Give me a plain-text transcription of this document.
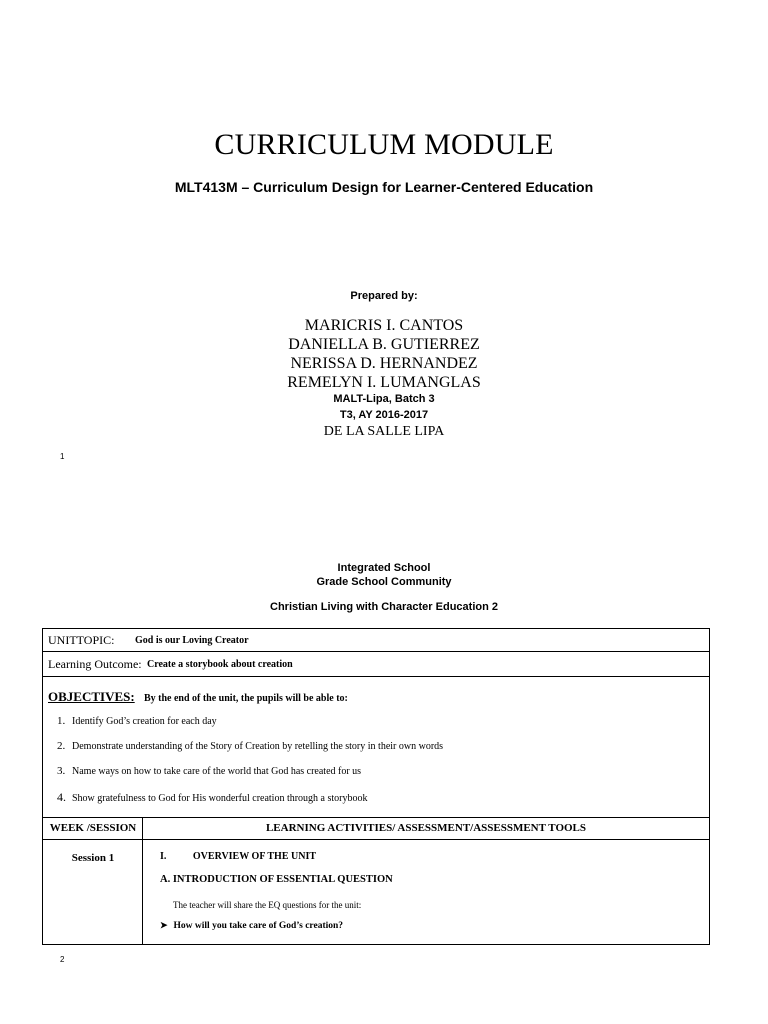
CURRICULUM MODULE
MLT413M – Curriculum Design for Learner-Centered Education
Prepared by:
MARICRIS I. CANTOS
DANIELLA B. GUTIERREZ
NERISSA D. HERNANDEZ
REMELYN I. LUMANGLAS
MALT-Lipa, Batch 3
T3, AY 2016-2017
DE LA SALLE LIPA
1
Integrated School
Grade School Community
Christian Living with Character Education 2
UNITTOPIC: God is our Loving Creator
Learning Outcome: Create a storybook about creation
OBJECTIVES: By the end of the unit, the pupils will be able to:
1. Identify God’s creation for each day
2. Demonstrate understanding of the Story of Creation by retelling the story in their own words
3. Name ways on how to take care of the world that God has created for us
4. Show gratefulness to God for His wonderful creation through a storybook
WEEK /SESSION	LEARNING ACTIVITIES/ ASSESSMENT/ASSESSMENT TOOLS
Session 1	I.	OVERVIEW OF THE UNIT
A. INTRODUCTION OF ESSENTIAL QUESTION
The teacher will share the EQ questions for the unit:
➤ How will you take care of God’s creation?
2
